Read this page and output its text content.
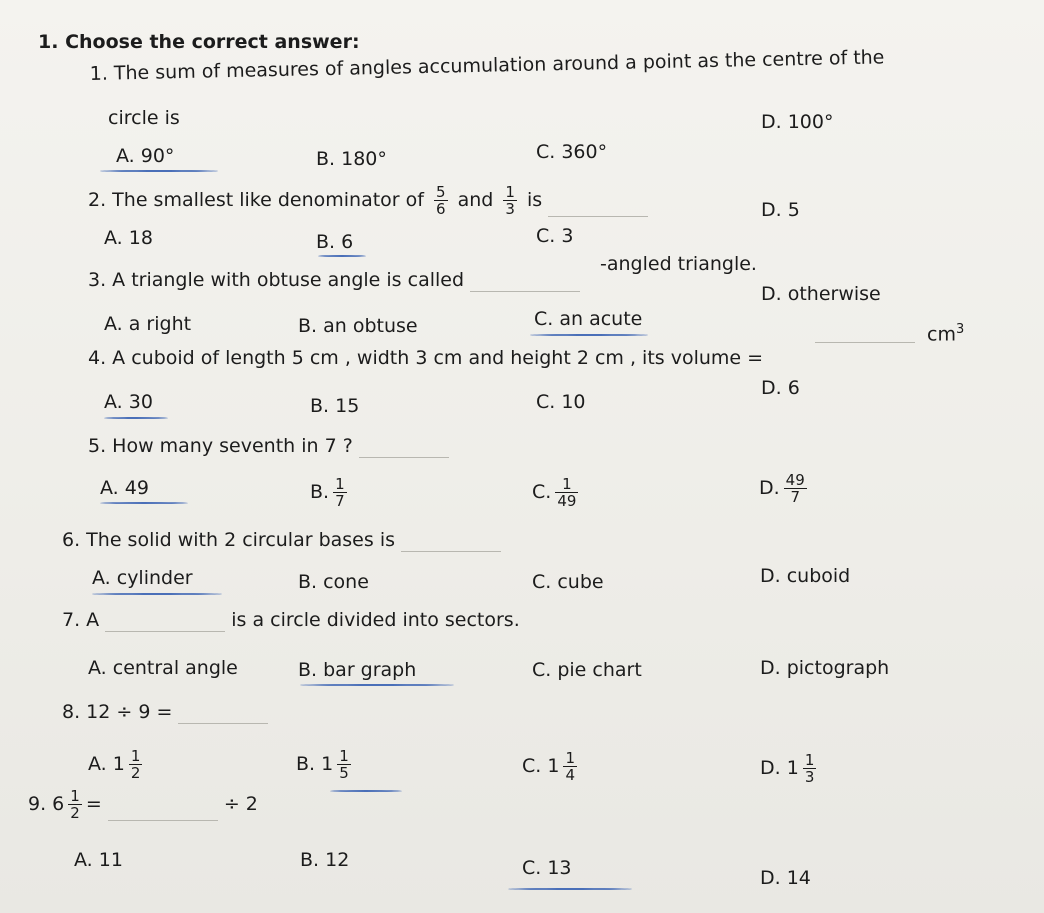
1. Choose the correct answer:
1. The sum of measures of angles accumulation around a point as the centre of the
circle is
A. 90°	B. 180°	C. 360°
D. 100°
2. The smallest like denominator of $\frac{5}{6}$ and $\frac{1}{3}$ is
A. 18	B. 6	C. 3
D. 5
3. A triangle with obtuse angle is called
-angled triangle.
A. a right	B. an obtuse	C. an acute
D. otherwise
4. A cuboid of length 5 cm , width 3 cm and height 2 cm , its volume =
$cm^3$
A. 30	B. 15	C. 10
D. 6
5. How many seventh in 7 ?
A. 49	B. $\frac{1}{7}$	C. $\frac{1}{49}$	D. $\frac{49}{7}$
6. The solid with 2 circular bases is
A. cylinder	B. cone	C. cube	D. cuboid
7. A	is a circle divided into sectors.
A. central angle	B. bar graph	C. pie chart	D. pictograph
8. 12 ÷ 9 =
A. $1 \frac{1}{2}$	B. $1 \frac{1}{5}$	C. $1 \frac{1}{4}$	D. $1 \frac{1}{3}$
9. $6 \frac{1}{2}$ =	÷ 2
A. 11	B. 12	C. 13	D. 14
